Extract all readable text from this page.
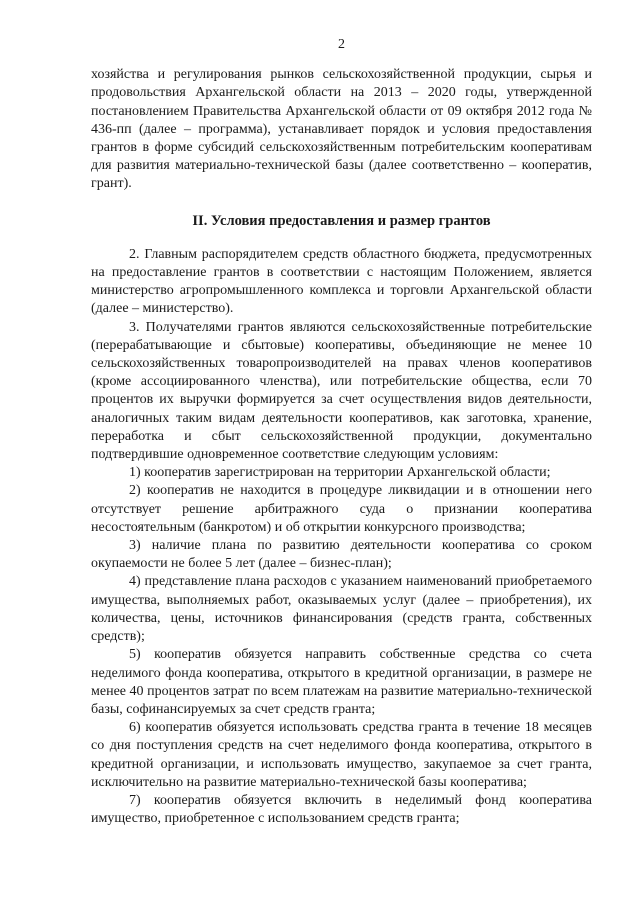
2

хозяйства и регулирования рынков сельскохозяйственной продукции, сырья и продовольствия Архангельской области на 2013 – 2020 годы, утвержденной постановлением Правительства Архангельской области от 09 октября 2012 года № 436-пп (далее – программа), устанавливает порядок и условия предоставления грантов в форме субсидий сельскохозяйственным потребительским кооперативам для развития материально-технической базы (далее соответственно – кооператив, грант).

II. Условия предоставления и размер грантов

2. Главным распорядителем средств областного бюджета, предусмотренных на предоставление грантов в соответствии с настоящим Положением, является министерство агропромышленного комплекса и торговли Архангельской области (далее – министерство).

3. Получателями грантов являются сельскохозяйственные потребительские (перерабатывающие и сбытовые) кооперативы, объединяющие не менее 10 сельскохозяйственных товаропроизводителей на правах членов кооперативов (кроме ассоциированного членства), или потребительские общества, если 70 процентов их выручки формируется за счет осуществления видов деятельности, аналогичных таким видам деятельности кооперативов, как заготовка, хранение, переработка и сбыт сельскохозяйственной продукции, документально подтвердившие одновременное соответствие следующим условиям:

1) кооператив зарегистрирован на территории Архангельской области;

2) кооператив не находится в процедуре ликвидации и в отношении него отсутствует решение арбитражного суда о признании кооператива несостоятельным (банкротом) и об открытии конкурсного производства;

3) наличие плана по развитию деятельности кооператива со сроком окупаемости не более 5 лет (далее – бизнес-план);

4) представление плана расходов с указанием наименований приобретаемого имущества, выполняемых работ, оказываемых услуг (далее – приобретения), их количества, цены, источников финансирования (средств гранта, собственных средств);

5) кооператив обязуется направить собственные средства со счета неделимого фонда кооператива, открытого в кредитной организации, в размере не менее 40 процентов затрат по всем платежам на развитие материально-технической базы, софинансируемых за счет средств гранта;

6) кооператив обязуется использовать средства гранта в течение 18 месяцев со дня поступления средств на счет неделимого фонда кооператива, открытого в кредитной организации, и использовать имущество, закупаемое за счет гранта, исключительно на развитие материально-технической базы кооператива;

7) кооператив обязуется включить в неделимый фонд кооператива имущество, приобретенное с использованием средств гранта;
